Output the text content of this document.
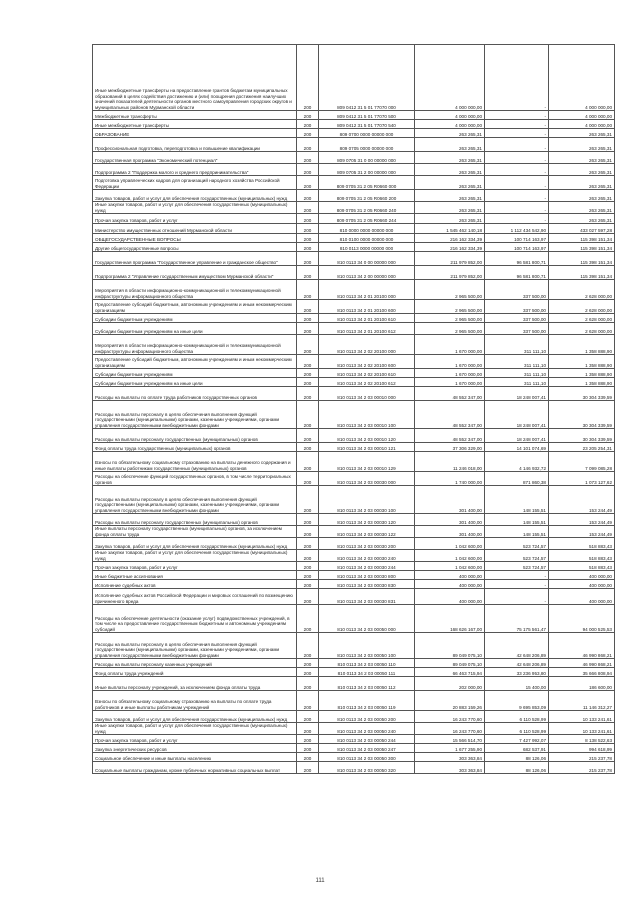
Иные межбюджетные трансферты на предоставление грантов бюджетам муниципальных образований в целях содействия достижению и (или) поощрения достижения наилучших значений показателей деятельности органов местного самоуправления городских округов и муниципальных районов Мурманской области	200	809 0412 31 5 01 77070 000	4 000 000,00	-	4 000 000,00
Межбюджетные трансферты	200	809 0412 31 5 01 77070 500	4 000 000,00	-	4 000 000,00
Иные межбюджетные трансферты	200	809 0412 31 5 01 77070 540	4 000 000,00	-	4 000 000,00
ОБРАЗОВАНИЕ	200	809 0700 0000 00000 000	263 265,31	-	263 265,31
Профессиональная подготовка, переподготовка и повышение квалификации	200	809 0705 0000 00000 000	263 265,31	-	263 265,31
Государственная программа "Экономический потенциал"	200	809 0705 31 0 00 00000 000	263 265,31	-	263 265,31
Подпрограмма 2 "Поддержка малого и среднего предпринимательства"	200	809 0705 31 2 00 00000 000	263 265,31	-	263 265,31
Подготовка управленческих кадров для организаций народного хозяйства Российской Федерации	200	809 0705 31 2 05 R0660 000	263 265,31	-	263 265,31
Закупка товаров, работ и услуг для обеспечения государственных (муниципальных) нужд	200	809 0705 31 2 05 R0660 200	263 265,31	-	263 265,31
Иные закупки товаров, работ и услуг для обеспечения государственных (муниципальных) нужд	200	809 0705 31 2 05 R0660 240	263 265,31	-	263 265,31
Прочая закупка товаров, работ и услуг	200	809 0705 31 2 05 R0660 244	263 265,31	-	263 265,31
Министерство имущественных отношений Мурманской области	200	810 0000 0000 00000 000	1 545 462 140,18	1 112 434 542,90	433 027 597,28
ОБЩЕГОСУДАРСТВЕННЫЕ ВОПРОСЫ	200	810 0100 0000 00000 000	216 162 334,39	100 714 163,97	115 398 151,34
Другие общегосударственные вопросы	200	810 0113 0000 00000 000	216 162 334,39	100 714 163,97	115 398 151,34
Государственная программа "Государственное управление и гражданское общество"	200	810 0113 34 0 00 00000 000	211 979 852,00	96 581 800,71	115 398 151,34
Подпрограмма 2 "Управление государственным имуществом Мурманской области"	200	810 0113 34 2 00 00000 000	211 979 852,00	96 581 800,71	115 398 151,34
Мероприятия в области информационно-коммуникационной и телекоммуникационной инфраструктуры информационного общества	200	810 0113 34 2 01 20100 000	2 965 500,00	337 500,00	2 628 000,00
Предоставление субсидий бюджетным, автономным учреждениям и иным некоммерческим организациям	200	810 0113 34 2 01 20100 600	2 965 500,00	337 500,00	2 628 000,00
Субсидии бюджетным учреждениям	200	810 0113 34 2 01 20100 610	2 965 500,00	337 500,00	2 628 000,00
Субсидии бюджетным учреждениям на иные цели	200	810 0113 34 2 01 20100 612	2 965 500,00	337 500,00	2 628 000,00
Мероприятия в области информационно-коммуникационной и телекоммуникационной инфраструктуры информационного общества	200	810 0113 34 2 02 20100 000	1 670 000,00	311 111,10	1 358 888,90
Предоставление субсидий бюджетным, автономным учреждениям и иным некоммерческим организациям	200	810 0113 34 2 02 20100 600	1 670 000,00	311 111,10	1 358 888,90
Субсидии бюджетным учреждениям	200	810 0113 34 2 02 20100 610	1 670 000,00	311 111,10	1 358 888,90
Субсидии бюджетным учреждениям на иные цели	200	810 0113 34 2 02 20100 612	1 670 000,00	311 111,10	1 358 888,90
Расходы на выплаты по оплате труда работников государственных органов	200	810 0113 34 2 03 00010 000	48 552 347,00	18 248 007,41	30 304 339,59
Расходы на выплаты персоналу в целях обеспечения выполнения функций государственными (муниципальными) органами, казенными учреждениями, органами управления государственными внебюджетными фондами	200	810 0113 34 2 03 00010 100	48 552 347,00	18 248 007,41	30 304 339,59
Расходы на выплаты персоналу государственных (муниципальных) органов	200	810 0113 34 2 03 00010 120	48 552 347,00	18 248 007,41	30 304 339,59
Фонд оплаты труда государственных (муниципальных) органов	200	810 0113 34 2 03 00010 121	37 306 329,00	14 101 074,69	23 205 254,31
Взносы по обязательному социальному страхованию на выплаты денежного содержания и иные выплаты работникам государственных (муниципальных) органов	200	810 0113 34 2 03 00010 129	11 246 018,00	4 146 932,72	7 099 085,28
Расходы на обеспечение функций государственных органов, в том числе территориальных органов	200	810 0113 34 2 03 00030 000	1 740 000,00	871 860,38	1 073 127,62
Расходы на выплаты персоналу в целях обеспечения выполнения функций государственными (муниципальными) органами, казенными учреждениями, органами управления государственными внебюджетными фондами	200	810 0113 34 2 03 00030 100	301 400,00	148 155,51	153 244,49
Расходы на выплаты персоналу государственных (муниципальных) органов	200	810 0113 34 2 03 00030 120	301 400,00	148 155,51	153 244,49
Иные выплаты персоналу государственных (муниципальных) органов, за исключением фонда оплаты труда	200	810 0113 34 2 03 00030 122	301 400,00	148 155,51	153 244,49
Закупка товаров, работ и услуг для обеспечения государственных (муниципальных) нужд	200	810 0113 34 2 03 00030 200	1 042 600,00	523 724,57	518 883,43
Иные закупки товаров, работ и услуг для обеспечения государственных (муниципальных) нужд	200	810 0113 34 2 03 00030 240	1 042 600,00	523 724,57	518 883,43
Прочая закупка товаров, работ и услуг	200	810 0113 34 2 03 00030 244	1 042 600,00	523 724,57	518 883,43
Иные бюджетные ассигнования	200	810 0113 34 2 03 00030 800	400 000,00	-	400 000,00
Исполнение судебных актов	200	810 0113 34 2 03 00030 830	400 000,00	-	400 000,00
Исполнение судебных актов Российской Федерации и мировых соглашений по возмещению причиненного вреда	200	810 0113 34 2 03 00030 831	400 000,00	-	400 000,00
Расходы на обеспечение деятельности (оказание услуг) подведомственных учреждений, в том числе на предоставление государственным бюджетным и автономным учреждениям субсидий	200	810 0113 34 2 03 00050 000	168 626 167,00	75 175 561,47	94 000 525,53
Расходы на выплаты персоналу в целях обеспечения выполнения функций государственными (муниципальными) органами, казенными учреждениями, органами управления государственными внебюджетными фондами	200	810 0113 34 2 03 00050 100	89 049 075,10	42 648 206,89	46 990 868,21
Расходы на выплаты персоналу казенных учреждений	200	810 0113 34 2 03 00050 110	89 049 075,10	42 648 206,89	46 990 868,21
Фонд оплаты труда учреждений	200	810 0113 34 2 03 00050 111	66 463 715,94	33 236 953,80	35 666 808,94
Иные выплаты персоналу учреждений, за исключением фонда оплаты труда	200	810 0113 34 2 03 00050 112	202 000,00	15 400,00	186 600,00
Взносы по обязательному социальному страхованию на выплаты по оплате труда работников и иные выплаты работникам учреждений	200	810 0113 34 2 03 00050 119	20 883 159,26	9 695 853,09	11 146 312,27
Закупка товаров, работ и услуг для обеспечения государственных (муниципальных) нужд	200	810 0113 34 2 03 00050 200	16 243 770,60	6 110 528,99	10 133 241,61
Иные закупки товаров, работ и услуг для обеспечения государственных (муниципальных) нужд	200	810 0113 34 2 03 00050 240	16 243 770,60	6 110 528,99	10 133 241,61
Прочая закупка товаров, работ и услуг	200	810 0113 34 2 03 00050 244	15 566 514,70	7 427 992,07	8 138 522,63
Закупка энергетических ресурсов	200	810 0113 34 2 03 00050 247	1 677 255,90	682 537,91	994 618,99
Социальное обеспечение и иные выплаты населению	200	810 0113 34 2 03 00050 300	303 363,84	88 126,06	215 237,78
Социальные выплаты гражданам, кроме публичных нормативных социальных выплат	200	810 0113 34 2 03 00050 320	303 363,84	88 126,06	215 237,78
111
